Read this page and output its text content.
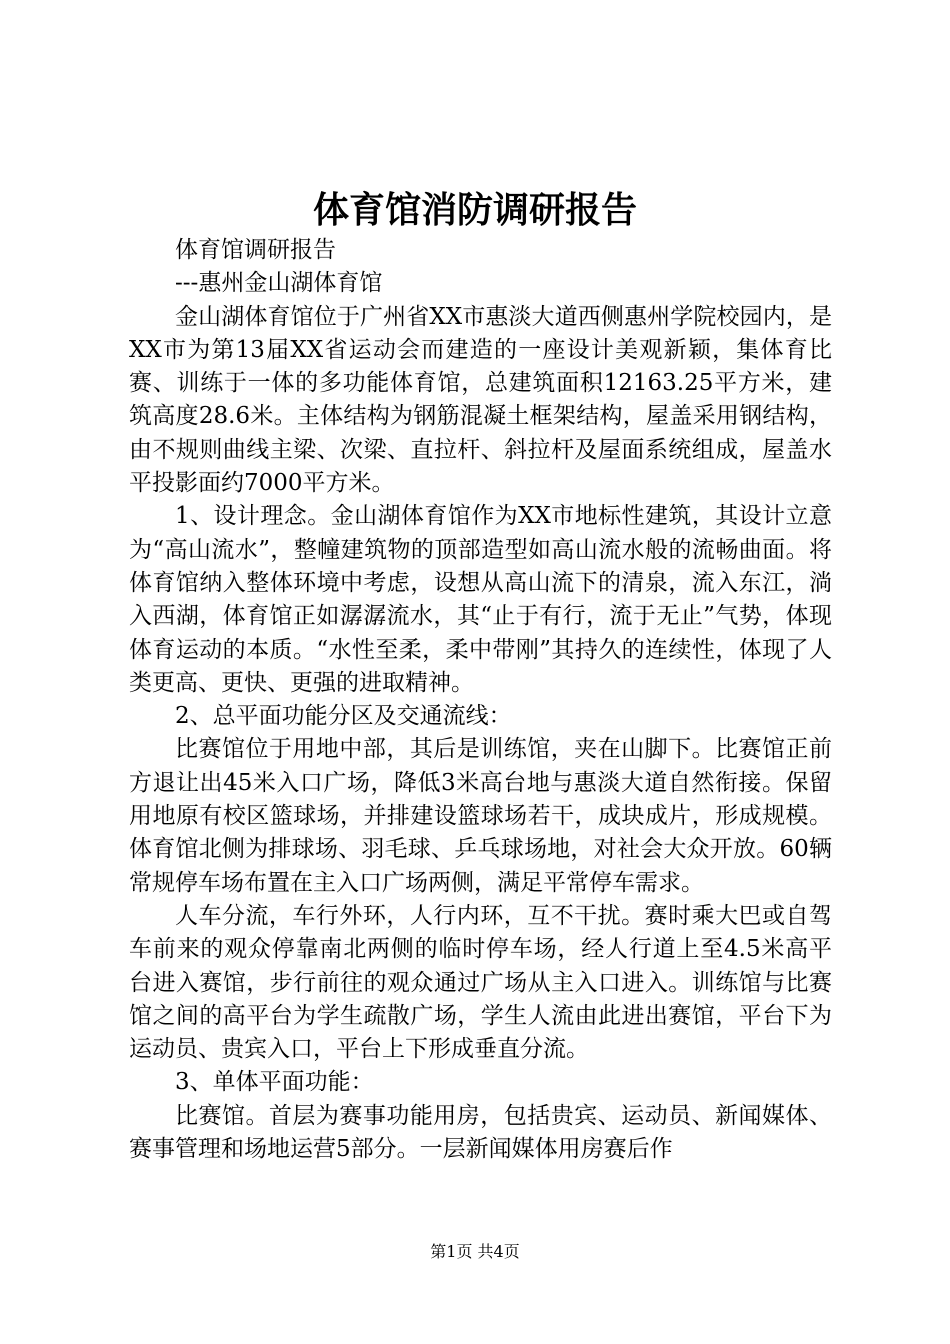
体育馆消防调研报告

体育馆调研报告

---惠州金山湖体育馆

金山湖体育馆位于广州省XX市惠淡大道西侧惠州学院校园内，是XX市为第13届XX省运动会而建造的一座设计美观新颖，集体育比赛、训练于一体的多功能体育馆，总建筑面积12163.25平方米，建筑高度28.6米。主体结构为钢筋混凝土框架结构，屋盖采用钢结构，由不规则曲线主梁、次梁、直拉杆、斜拉杆及屋面系统组成，屋盖水平投影面约7000平方米。

1、设计理念。金山湖体育馆作为XX市地标性建筑，其设计立意为“高山流水”，整幢建筑物的顶部造型如高山流水般的流畅曲面。将体育馆纳入整体环境中考虑，设想从高山流下的清泉，流入东江，淌入西湖，体育馆正如潺潺流水，其“止于有行，流于无止”气势，体现体育运动的本质。“水性至柔，柔中带刚”其持久的连续性，体现了人类更高、更快、更强的进取精神。

2、总平面功能分区及交通流线：

比赛馆位于用地中部，其后是训练馆，夹在山脚下。比赛馆正前方退让出45米入口广场，降低3米高台地与惠淡大道自然衔接。保留用地原有校区篮球场，并排建设篮球场若干，成块成片，形成规模。体育馆北侧为排球场、羽毛球、乒乓球场地，对社会大众开放。60辆常规停车场布置在主入口广场两侧，满足平常停车需求。

人车分流，车行外环，人行内环，互不干扰。赛时乘大巴或自驾车前来的观众停靠南北两侧的临时停车场，经人行道上至4.5米高平台进入赛馆，步行前往的观众通过广场从主入口进入。训练馆与比赛馆之间的高平台为学生疏散广场，学生人流由此进出赛馆，平台下为运动员、贵宾入口，平台上下形成垂直分流。

3、单体平面功能：

比赛馆。首层为赛事功能用房，包括贵宾、运动员、新闻媒体、赛事管理和场地运营5部分。一层新闻媒体用房赛后作

第1页 共4页
